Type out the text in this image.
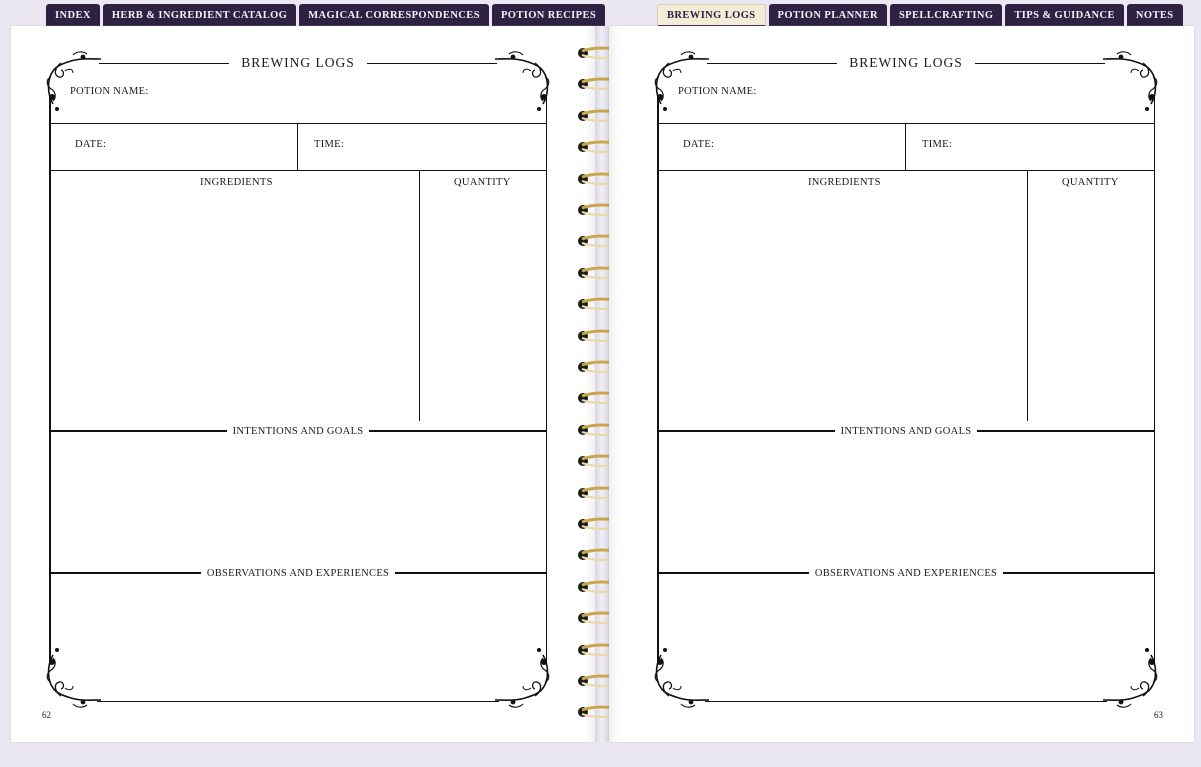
INDEX	HERB & INGREDIENT CATALOG	MAGICAL CORRESPONDENCES	POTION RECIPES	BREWING LOGS	POTION PLANNER	SPELLCRAFTING	TIPS & GUIDANCE	NOTES
BREWING LOGS
POTION NAME:
DATE:	TIME:
INGREDIENTS	QUANTITY
INTENTIONS AND GOALS
OBSERVATIONS AND EXPERIENCES
62
BREWING LOGS
POTION NAME:
DATE:	TIME:
INGREDIENTS	QUANTITY
INTENTIONS AND GOALS
OBSERVATIONS AND EXPERIENCES
63
